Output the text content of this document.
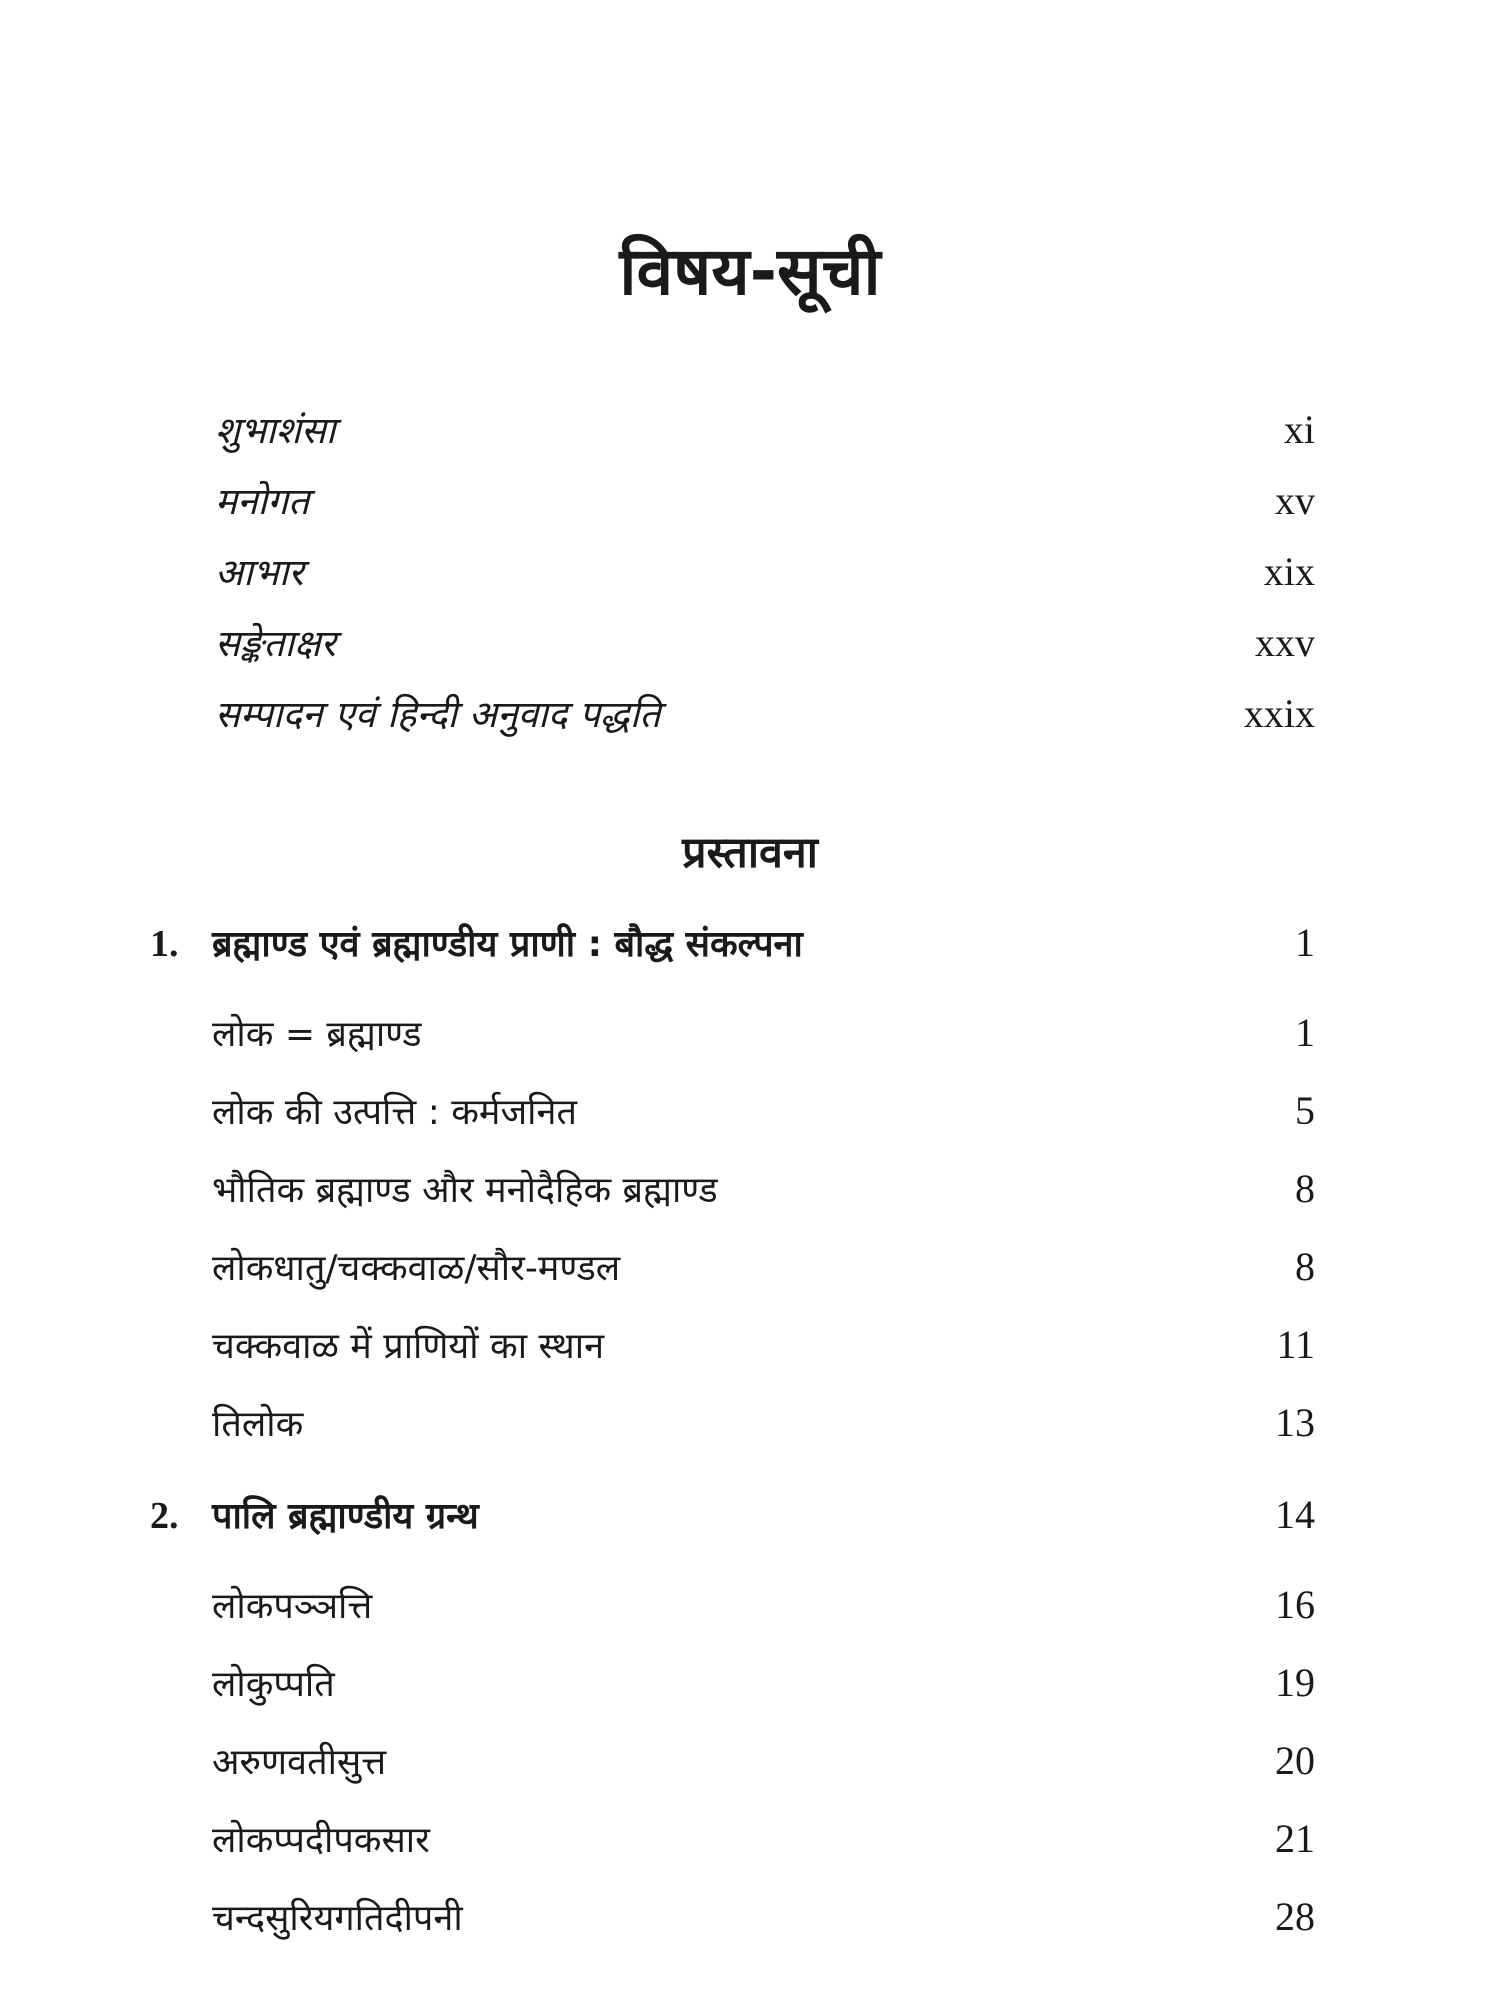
विषय-सूची
शुभाशंसा	xi
मनोगत	xv
आभार	xix
सङ्केताक्षर	xxv
सम्पादन एवं हिन्दी अनुवाद पद्धति	xxix
प्रस्तावना
1. ब्रह्माण्ड एवं ब्रह्माण्डीय प्राणी : बौद्ध संकल्पना	1
लोक = ब्रह्माण्ड	1
लोक की उत्पत्ति : कर्मजनित	5
भौतिक ब्रह्माण्ड और मनोदैहिक ब्रह्माण्ड	8
लोकधातु/चक्कवाळ/सौर-मण्डल	8
चक्कवाळ में प्राणियों का स्थान	11
तिलोक	13
2. पालि ब्रह्माण्डीय ग्रन्थ	14
लोकपञ्ञत्ति	16
लोकुप्पति	19
अरुणवतीसुत्त	20
लोकप्पदीपकसार	21
चन्दसुरियगतिदीपनी	28
